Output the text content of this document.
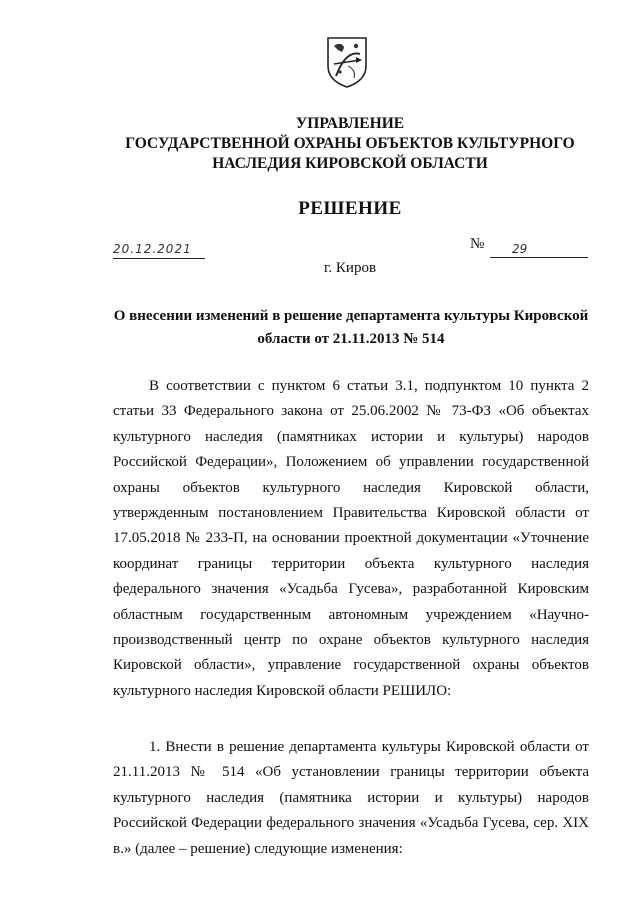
УПРАВЛЕНИЕ
ГОСУДАРСТВЕННОЙ ОХРАНЫ ОБЪЕКТОВ КУЛЬТУРНОГО
НАСЛЕДИЯ КИРОВСКОЙ ОБЛАСТИ
РЕШЕНИЕ
20.12.2021	№	29
г. Киров
О внесении изменений в решение департамента культуры Кировской области от 21.11.2013 № 514

В соответствии с пунктом 6 статьи 3.1, подпунктом 10 пункта 2 статьи 33 Федерального закона от 25.06.2002 № 73-ФЗ «Об объектах культурного наследия (памятниках истории и культуры) народов Российской Федерации», Положением об управлении государственной охраны объектов культурного наследия Кировской области, утвержденным постановлением Правительства Кировской области от 17.05.2018 № 233-П, на основании проектной документации «Уточнение координат границы территории объекта культурного наследия федерального значения «Усадьба Гусева», разработанной Кировским областным государственным автономным учреждением «Научно-производственный центр по охране объектов культурного наследия Кировской области», управление государственной охраны объектов культурного наследия Кировской области РЕШИЛО:

1. Внести в решение департамента культуры Кировской области от 21.11.2013 № 514 «Об установлении границы территории объекта культурного наследия (памятника истории и культуры) народов Российской Федерации федерального значения «Усадьба Гусева, сер. XIX в.» (далее – решение) следующие изменения:
